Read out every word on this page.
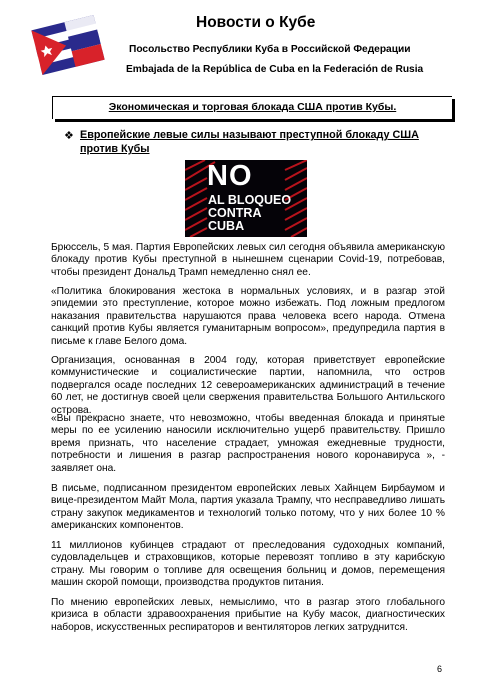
Новости о Кубе
Посольство Республики Куба в Российской Федерации
Embajada de la República de Cuba en la Federación de Rusia
Экономическая и торговая блокада США против Кубы.
❖ Европейские левые силы называют преступной блокаду США против Кубы
NO
AL BLOQUEO
CONTRA
CUBA

Брюссель, 5 мая. Партия Европейских левых сил сегодня объявила американскую блокаду против Кубы преступной в нынешнем сценарии Covid-19, потребовав, чтобы президент Дональд Трамп немедленно снял ее.

«Политика блокирования жестока в нормальных условиях, и в разгар этой эпидемии это преступление, которое можно избежать. Под ложным предлогом наказания правительства нарушаются права человека всего народа. Отмена санкций против Кубы является гуманитарным вопросом», предупредила партия в письме к главе Белого дома.

Организация, основанная в 2004 году, которая приветствует европейские коммунистические и социалистические партии, напомнила, что остров подвергался осаде последних 12 североамериканских администраций в течение 60 лет, не достигнув своей цели свержения правительства Большого Антильского острова.

«Вы прекрасно знаете, что невозможно, чтобы введенная блокада и принятые меры по ее усилению наносили исключительно ущерб правительству. Пришло время признать, что население страдает, умножая ежедневные трудности, потребности и лишения в разгар распространения нового коронавируса », - заявляет она.

В письме, подписанном президентом европейских левых Хайнцем Бирбаумом и вице-президентом Майт Мола, партия указала Трампу, что несправедливо лишать страну закупок медикаментов и технологий только потому, что у них более 10 % американских компонентов.

11 миллионов кубинцев страдают от преследования судоходных компаний, судовладельцев и страховщиков, которые перевозят топливо в эту карибскую страну. Мы говорим о топливе для освещения больниц и домов, перемещения машин скорой помощи, производства продуктов питания.

По мнению европейских левых, немыслимо, что в разгар этого глобального кризиса в области здравоохранения прибытие на Кубу масок, диагностических наборов, искусственных респираторов и вентиляторов легких затруднится.

6
